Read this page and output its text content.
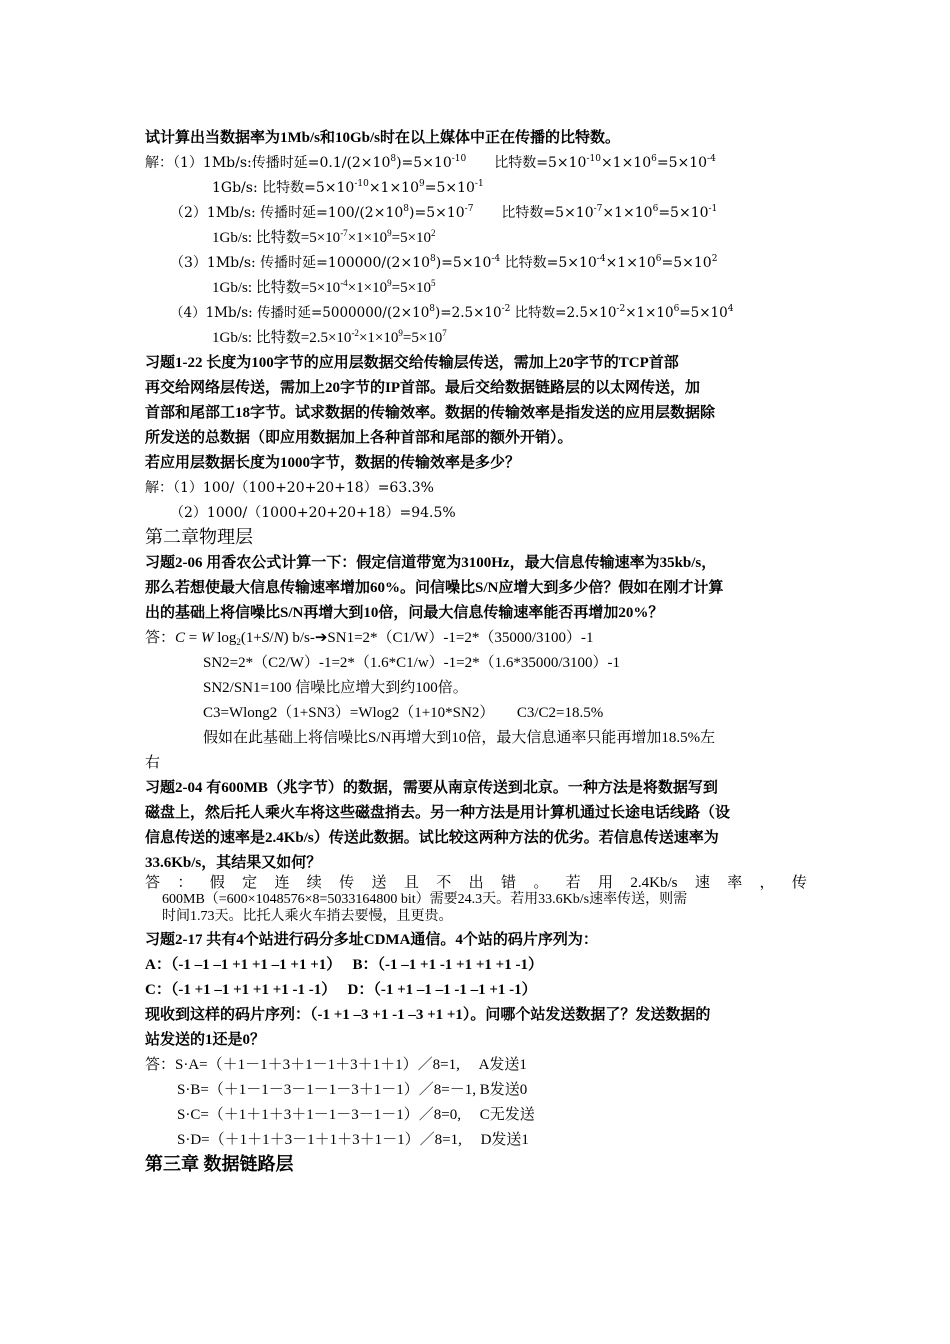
试计算出当数据率为1Mb/s和10Gb/s时在以上媒体中正在传播的比特数。
解：（1）1Mb/s:传播时延$=0.1/(2\times 10^8)=5\times 10^{-10}$　　比特数$=5\times 10^{-10}\times 1\times 10^6=5\times 10^{-4}$
1Gb/s: 比特数$=5\times 10^{-10}\times 1\times 10^9=5\times 10^{-1}$
（2）1Mb/s: 传播时延$=100/(2\times 10^8)=5\times 10^{-7}$　　比特数$=5\times 10^{-7}\times 1\times 10^6=5\times 10^{-1}$
1Gb/s: 比特数$=5\times 10^{-7}\times 1\times 10^9=5\times 10^2$
（3）1Mb/s: 传播时延$=100000/(2\times 10^8)=5\times 10^{-4}$ 比特数$=5\times 10^{-4}\times 1\times 10^6=5\times 10^2$
1Gb/s: 比特数$=5\times 10^{-4}\times 1\times 10^9=5\times 10^5$
（4）1Mb/s: 传播时延$=5000000/(2\times 10^8)=2.5\times 10^{-2}$ 比特数$=2.5\times 10^{-2}\times 1\times 10^6=5\times 10^4$
1Gb/s: 比特数$=2.5\times 10^{-2}\times 1\times 10^9=5\times 10^7$
习题1-22 长度为100字节的应用层数据交给传输层传送，需加上20字节的TCP首部
再交给网络层传送，需加上20字节的IP首部。最后交给数据链路层的以太网传送，加
首部和尾部工18字节。试求数据的传输效率。数据的传输效率是指发送的应用层数据除
所发送的总数据（即应用数据加上各种首部和尾部的额外开销）。
若应用层数据长度为1000字节，数据的传输效率是多少？
解：（1）100/（100+20+20+18）=63.3%
（2）1000/（1000+20+20+18）=94.5%
第二章物理层
习题2-06 用香农公式计算一下：假定信道带宽为3100Hz，最大信息传输速率为35kb/s，
那么若想使最大信息传输速率增加60%。问信噪比S/N应增大到多少倍？假如在刚才计算
出的基础上将信噪比S/N再增大到10倍，问最大信息传输速率能否再增加20%？
答：C = W $\log_2(1+S/N)$ b/s-➔SN1=2*（C1/W）-1=2*（35000/3100）-1
SN2=2*（C2/W）-1=2*（1.6*C1/w）-1=2*（1.6*35000/3100）-1
SN2/SN1=100 信噪比应增大到约100倍。
C3=Wlong2（1+SN3）=Wlog2（1+10*SN2）　　C3/C2=18.5%
假如在此基础上将信噪比S/N再增大到10倍，最大信息通率只能再增加18.5%左
右
习题2-04 有600MB（兆字节）的数据，需要从南京传送到北京。一种方法是将数据写到
磁盘上，然后托人乘火车将这些磁盘捎去。另一种方法是用计算机通过长途电话线路（设
信息传送的速率是2.4Kb/s）传送此数据。试比较这两种方法的优劣。若信息传送速率为
33.6Kb/s，其结果又如何？
答 ： 假 定 连 续 传 送 且 不 出 错 。 若 用 2.4Kb/s 速 率 ， 传
600MB（=600×1048576×8=5033164800 bit）需要24.3天。若用33.6Kb/s速率传送，则需
时间1.73天。比托人乘火车捎去要慢，且更贵。
习题2-17 共有4个站进行码分多址CDMA通信。4个站的码片序列为：
A：（-1 –1 –1 +1 +1 –1 +1 +1）　 B：（-1 –1 +1 -1 +1 +1 +1 -1）
C：（-1 +1 –1 +1 +1 +1 -1 -1）　 D：（-1 +1 –1 –1 -1 –1 +1 -1）
现收到这样的码片序列：（-1 +1 –3 +1 -1 –3 +1 +1）。问哪个站发送数据了？发送数据的
站发送的1还是0？
答：S·A=（＋1－1＋3＋1－1＋3＋1＋1）／8=1,　 A发送1
S·B=（＋1－1－3－1－1－3＋1－1）／8=－1, B发送0
S·C=（＋1＋1＋3＋1－1－3－1－1）／8=0,　 C无发送
S·D=（＋1＋1＋3－1＋1＋3＋1－1）／8=1,　 D发送1
第三章 数据链路层
